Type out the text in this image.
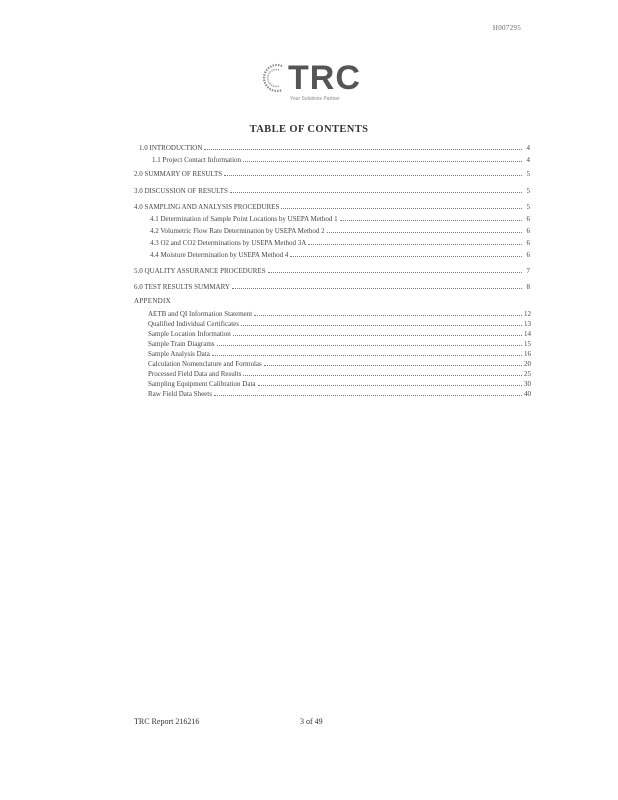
H007295
TRC
Your Solutions Partner
TABLE OF CONTENTS
1.0 INTRODUCTION	4
1.1 Project Contact Information	4
2.0 SUMMARY OF RESULTS	5
3.0 DISCUSSION OF RESULTS	5
4.0 SAMPLING AND ANALYSIS PROCEDURES	5
4.1 Determination of Sample Point Locations by USEPA Method 1	6
4.2 Volumetric Flow Rate Determination by USEPA Method 2	6
4.3 O2 and CO2 Determinations by USEPA Method 3A	6
4.4 Moisture Determination by USEPA Method 4	6
5.0 QUALITY ASSURANCE PROCEDURES	7
6.0 TEST RESULTS SUMMARY	8
APPENDIX
AETB and QI Information Statement	12
Qualified Individual Certificates	13
Sample Location Information	14
Sample Train Diagrams	15
Sample Analysis Data	16
Calculation Nomenclature and Formulas	20
Processed Field Data and Results	25
Sampling Equipment Calibration Data	30
Raw Field Data Sheets	40
TRC Report 216216	3 of 49
